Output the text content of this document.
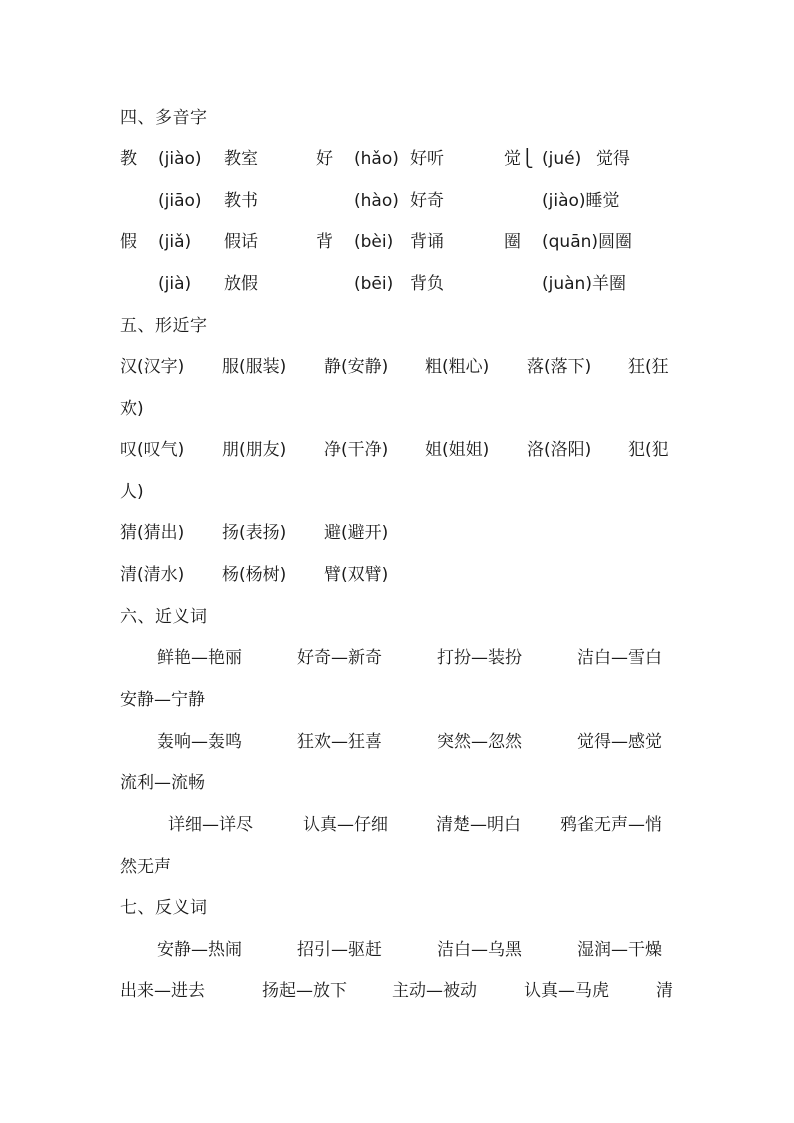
四、多音字
教 (jiào) 教室	好 (hǎo) 好听	觉⎩ (jué) 觉得
(jiāo) 教书	(hào) 好奇	(jiào)睡觉
假 (jiǎ) 假话	背 (bèi) 背诵	圈 (quān)圆圈
(jià) 放假	(bēi) 背负	(juàn)羊圈
五、形近字
汉(汉字) 服(服装) 静(安静) 粗(粗心) 落(落下) 狂(狂
欢)
叹(叹气) 朋(朋友) 净(干净) 姐(姐姐) 洛(洛阳) 犯(犯
人)
猜(猜出) 扬(表扬) 避(避开)
清(清水) 杨(杨树) 臂(双臂)
六、近义词
鲜艳—艳丽	好奇—新奇	打扮—装扮	洁白—雪白
安静—宁静
轰响—轰鸣	狂欢—狂喜	突然—忽然	觉得—感觉
流利—流畅
详细—详尽	认真—仔细	清楚—明白 鸦雀无声—悄
然无声
七、反义词
安静—热闹	招引—驱赶	洁白—乌黑	湿润—干燥
出来—进去	扬起—放下	主动—被动	认真—马虎	清
